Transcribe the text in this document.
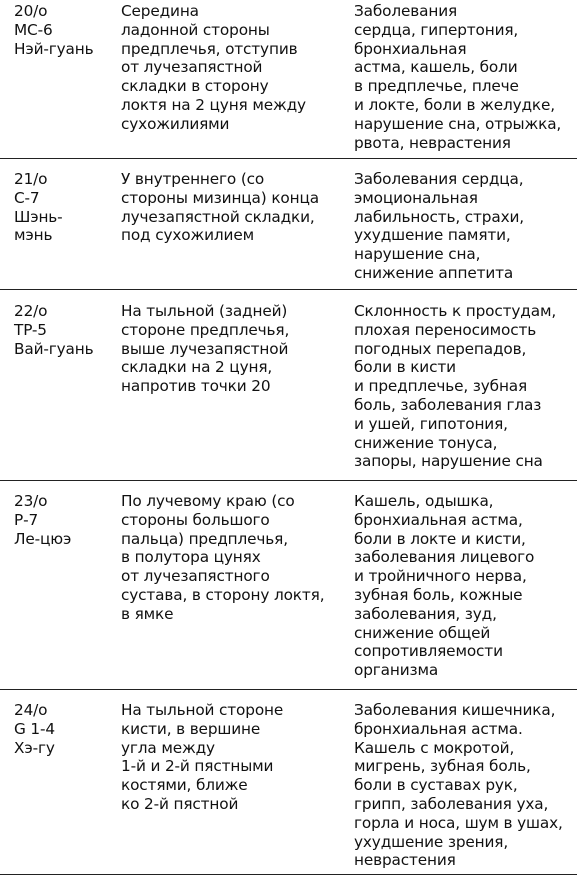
20/о
МС-6
Нэй-гуань
Середина
ладонной стороны
предплечья, отступив
от лучезапястной
складки в сторону
локтя на 2 цуня между
сухожилиями
Заболевания
сердца, гипертония,
бронхиальная
астма, кашель, боли
в предплечье, плече
и локте, боли в желудке,
нарушение сна, отрыжка,
рвота, неврастения
21/о
С-7
Шэнь-
мэнь
У внутреннего (со
стороны мизинца) конца
лучезапястной складки,
под сухожилием
Заболевания сердца,
эмоциональная
лабильность, страхи,
ухудшение памяти,
нарушение сна,
снижение аппетита
22/о
TP-5
Вай-гуань
На тыльной (задней)
стороне предплечья,
выше лучезапястной
складки на 2 цуня,
напротив точки 20
Склонность к простудам,
плохая переносимость
погодных перепадов,
боли в кисти
и предплечье, зубная
боль, заболевания глаз
и ушей, гипотония,
снижение тонуса,
запоры, нарушение сна
23/о
Р-7
Ле-цюэ
По лучевому краю (со
стороны большого
пальца) предплечья,
в полутора цунях
от лучезапястного
сустава, в сторону локтя,
в ямке
Кашель, одышка,
бронхиальная астма,
боли в локте и кисти,
заболевания лицевого
и тройничного нерва,
зубная боль, кожные
заболевания, зуд,
снижение общей
сопротивляемости
организма
24/о
G 1-4
Хэ-гу
На тыльной стороне
кисти, в вершине
угла между
1-й и 2-й пястными
костями, ближе
ко 2-й пястной
Заболевания кишечника,
бронхиальная астма.
Кашель с мокротой,
мигрень, зубная боль,
боли в суставах рук,
грипп, заболевания уха,
горла и носа, шум в ушах,
ухудшение зрения,
неврастения
